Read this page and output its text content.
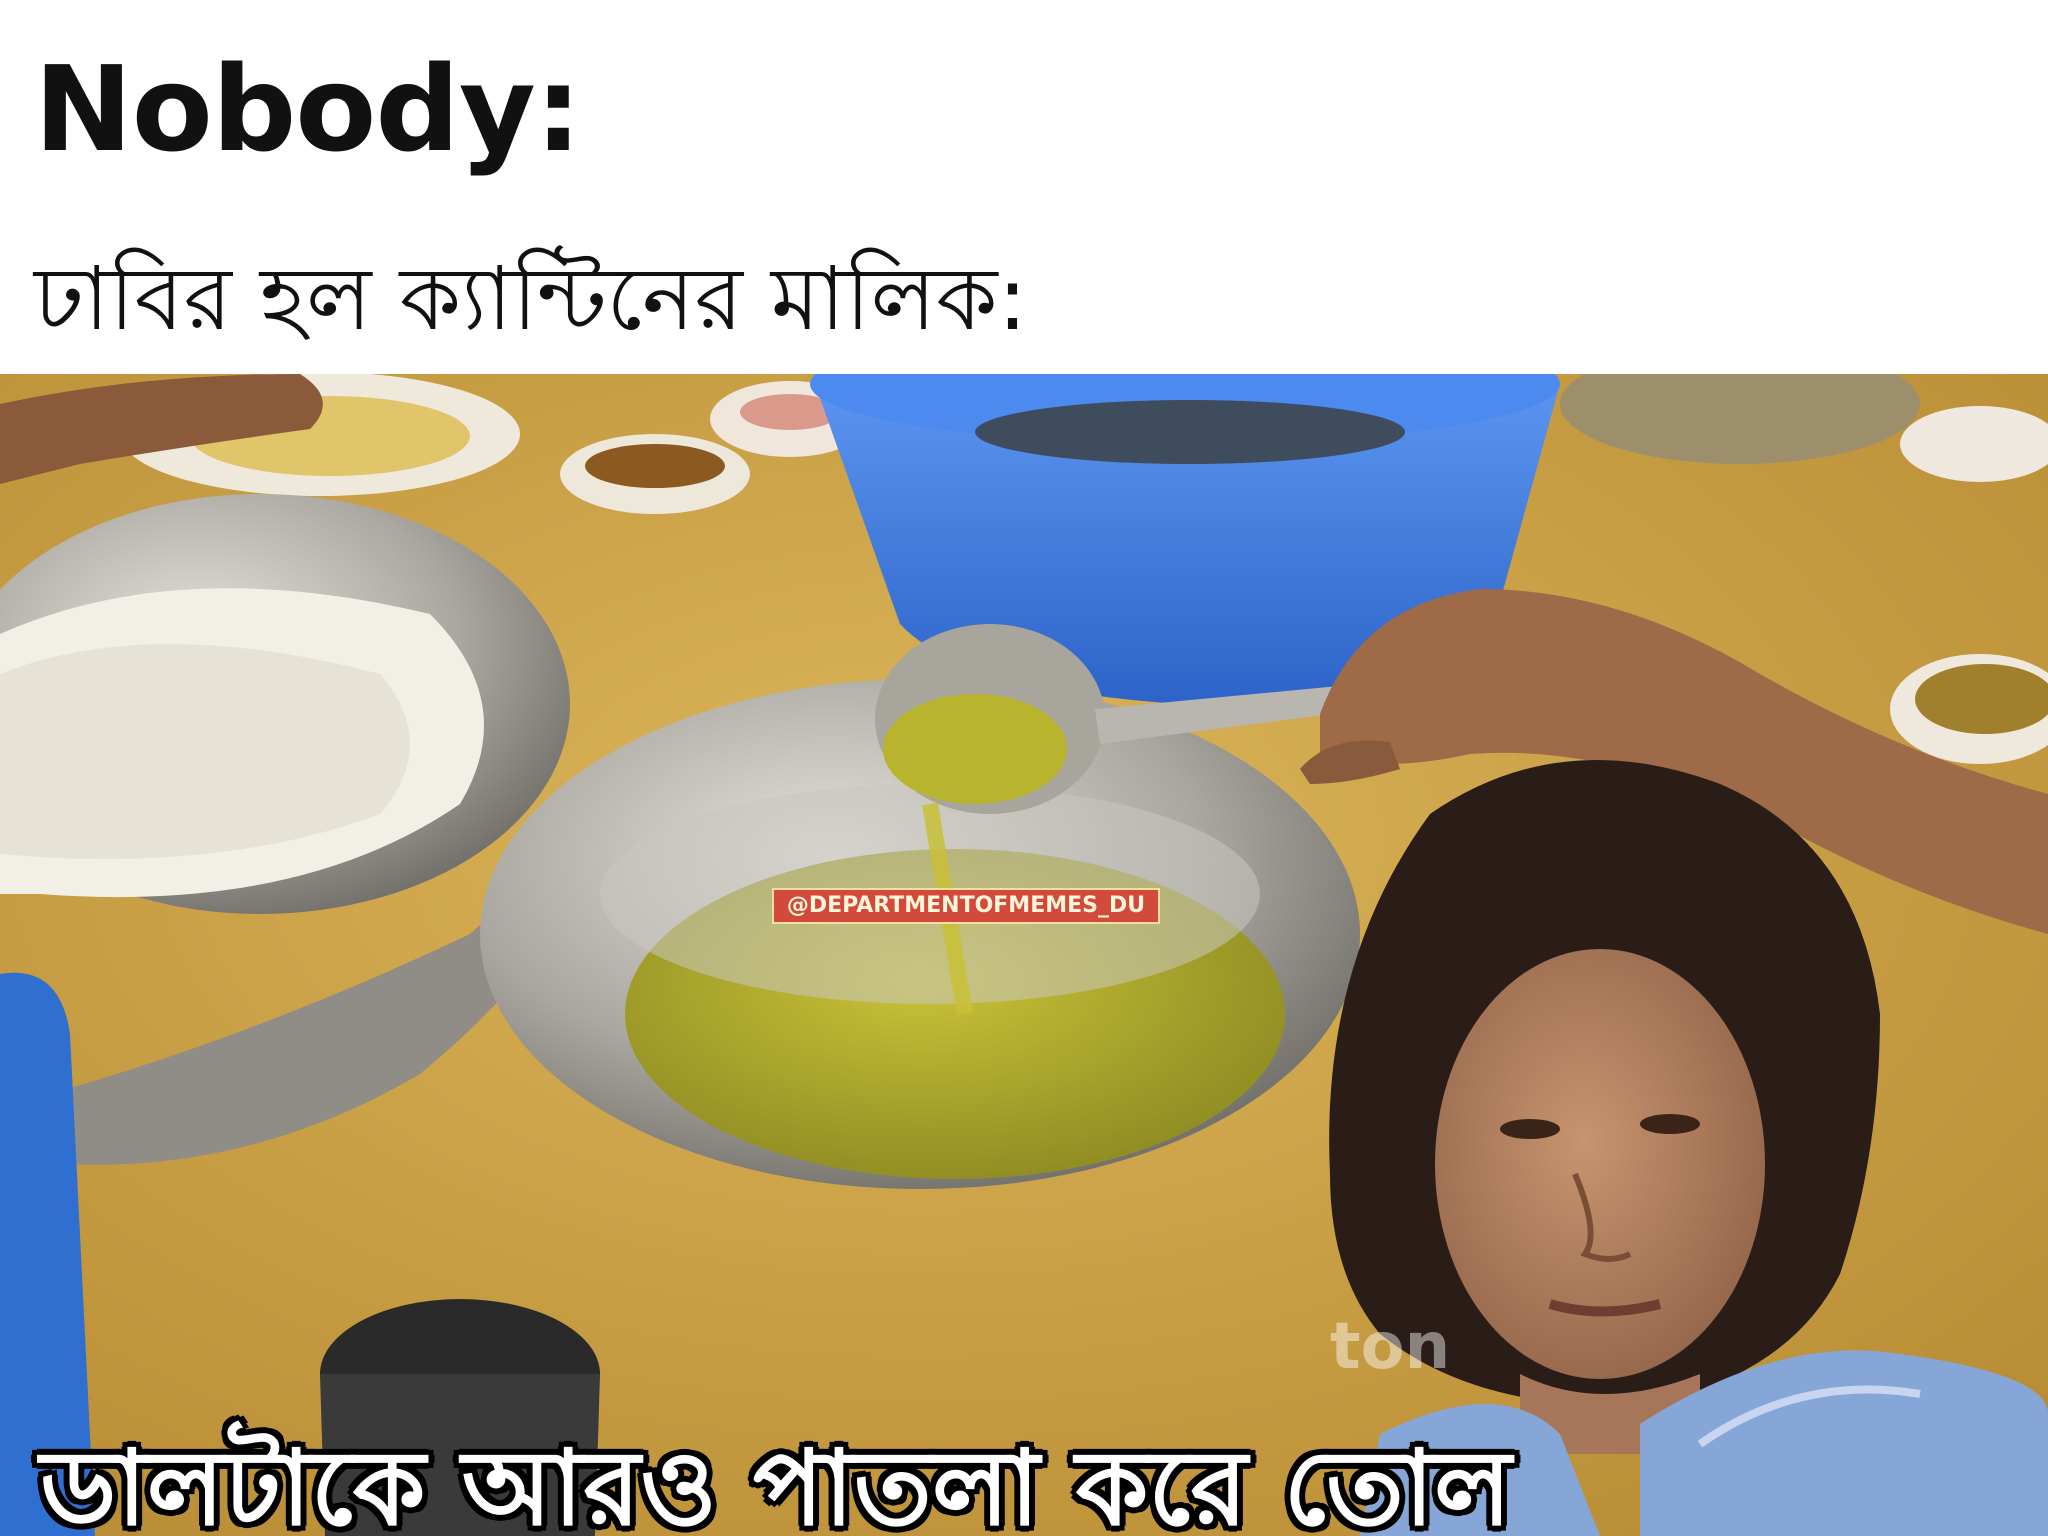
Nobody:
ঢাবির হল ক্যান্টিনের মালিক:
@DEPARTMENTOFMEMES_DU
ton
ডালটাকে আরও পাতলা করে তোল
